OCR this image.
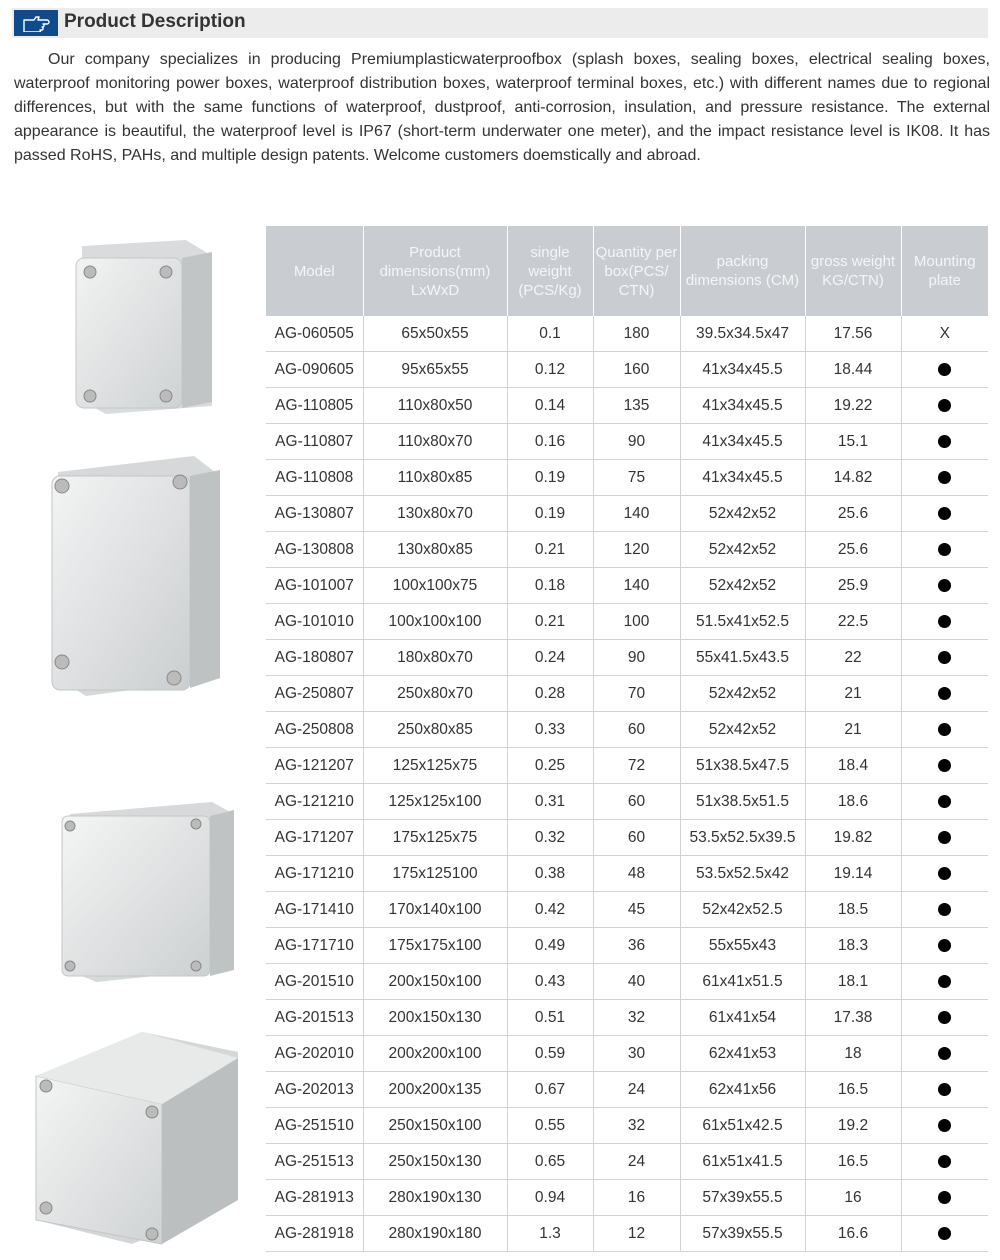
Product Description

Our company specializes in producing Premiumplasticwaterproofbox (splash boxes, sealing boxes, electrical sealing boxes, waterproof monitoring power boxes, waterproof distribution boxes, waterproof terminal boxes, etc.) with different names due to regional differences, but with the same functions of waterproof, dustproof, anti-corrosion, insulation, and pressure resistance. The external appearance is beautiful, the waterproof level is IP67 (short-term underwater one meter), and the impact resistance level is IK08. It has passed RoHS, PAHs, and multiple design patents. Welcome customers doemstically and abroad.

Model	Product dimensions(mm) LxWxD	single weight (PCS/Kg)	Quantity per box(PCS/ CTN)	packing dimensions (CM)	gross weight KG/CTN)	Mounting plate
AG-060505	65x50x55	0.1	180	39.5x34.5x47	17.56	X
AG-090605	95x65x55	0.12	160	41x34x45.5	18.44	
AG-110805	110x80x50	0.14	135	41x34x45.5	19.22	
AG-110807	110x80x70	0.16	90	41x34x45.5	15.1	
AG-110808	110x80x85	0.19	75	41x34x45.5	14.82	
AG-130807	130x80x70	0.19	140	52x42x52	25.6	
AG-130808	130x80x85	0.21	120	52x42x52	25.6	
AG-101007	100x100x75	0.18	140	52x42x52	25.9	
AG-101010	100x100x100	0.21	100	51.5x41x52.5	22.5	
AG-180807	180x80x70	0.24	90	55x41.5x43.5	22	
AG-250807	250x80x70	0.28	70	52x42x52	21	
AG-250808	250x80x85	0.33	60	52x42x52	21	
AG-121207	125x125x75	0.25	72	51x38.5x47.5	18.4	
AG-121210	125x125x100	0.31	60	51x38.5x51.5	18.6	
AG-171207	175x125x75	0.32	60	53.5x52.5x39.5	19.82	
AG-171210	175x125100	0.38	48	53.5x52.5x42	19.14	
AG-171410	170x140x100	0.42	45	52x42x52.5	18.5	
AG-171710	175x175x100	0.49	36	55x55x43	18.3	
AG-201510	200x150x100	0.43	40	61x41x51.5	18.1	
AG-201513	200x150x130	0.51	32	61x41x54	17.38	
AG-202010	200x200x100	0.59	30	62x41x53	18	
AG-202013	200x200x135	0.67	24	62x41x56	16.5	
AG-251510	250x150x100	0.55	32	61x51x42.5	19.2	
AG-251513	250x150x130	0.65	24	61x51x41.5	16.5	
AG-281913	280x190x130	0.94	16	57x39x55.5	16	
AG-281918	280x190x180	1.3	12	57x39x55.5	16.6	
